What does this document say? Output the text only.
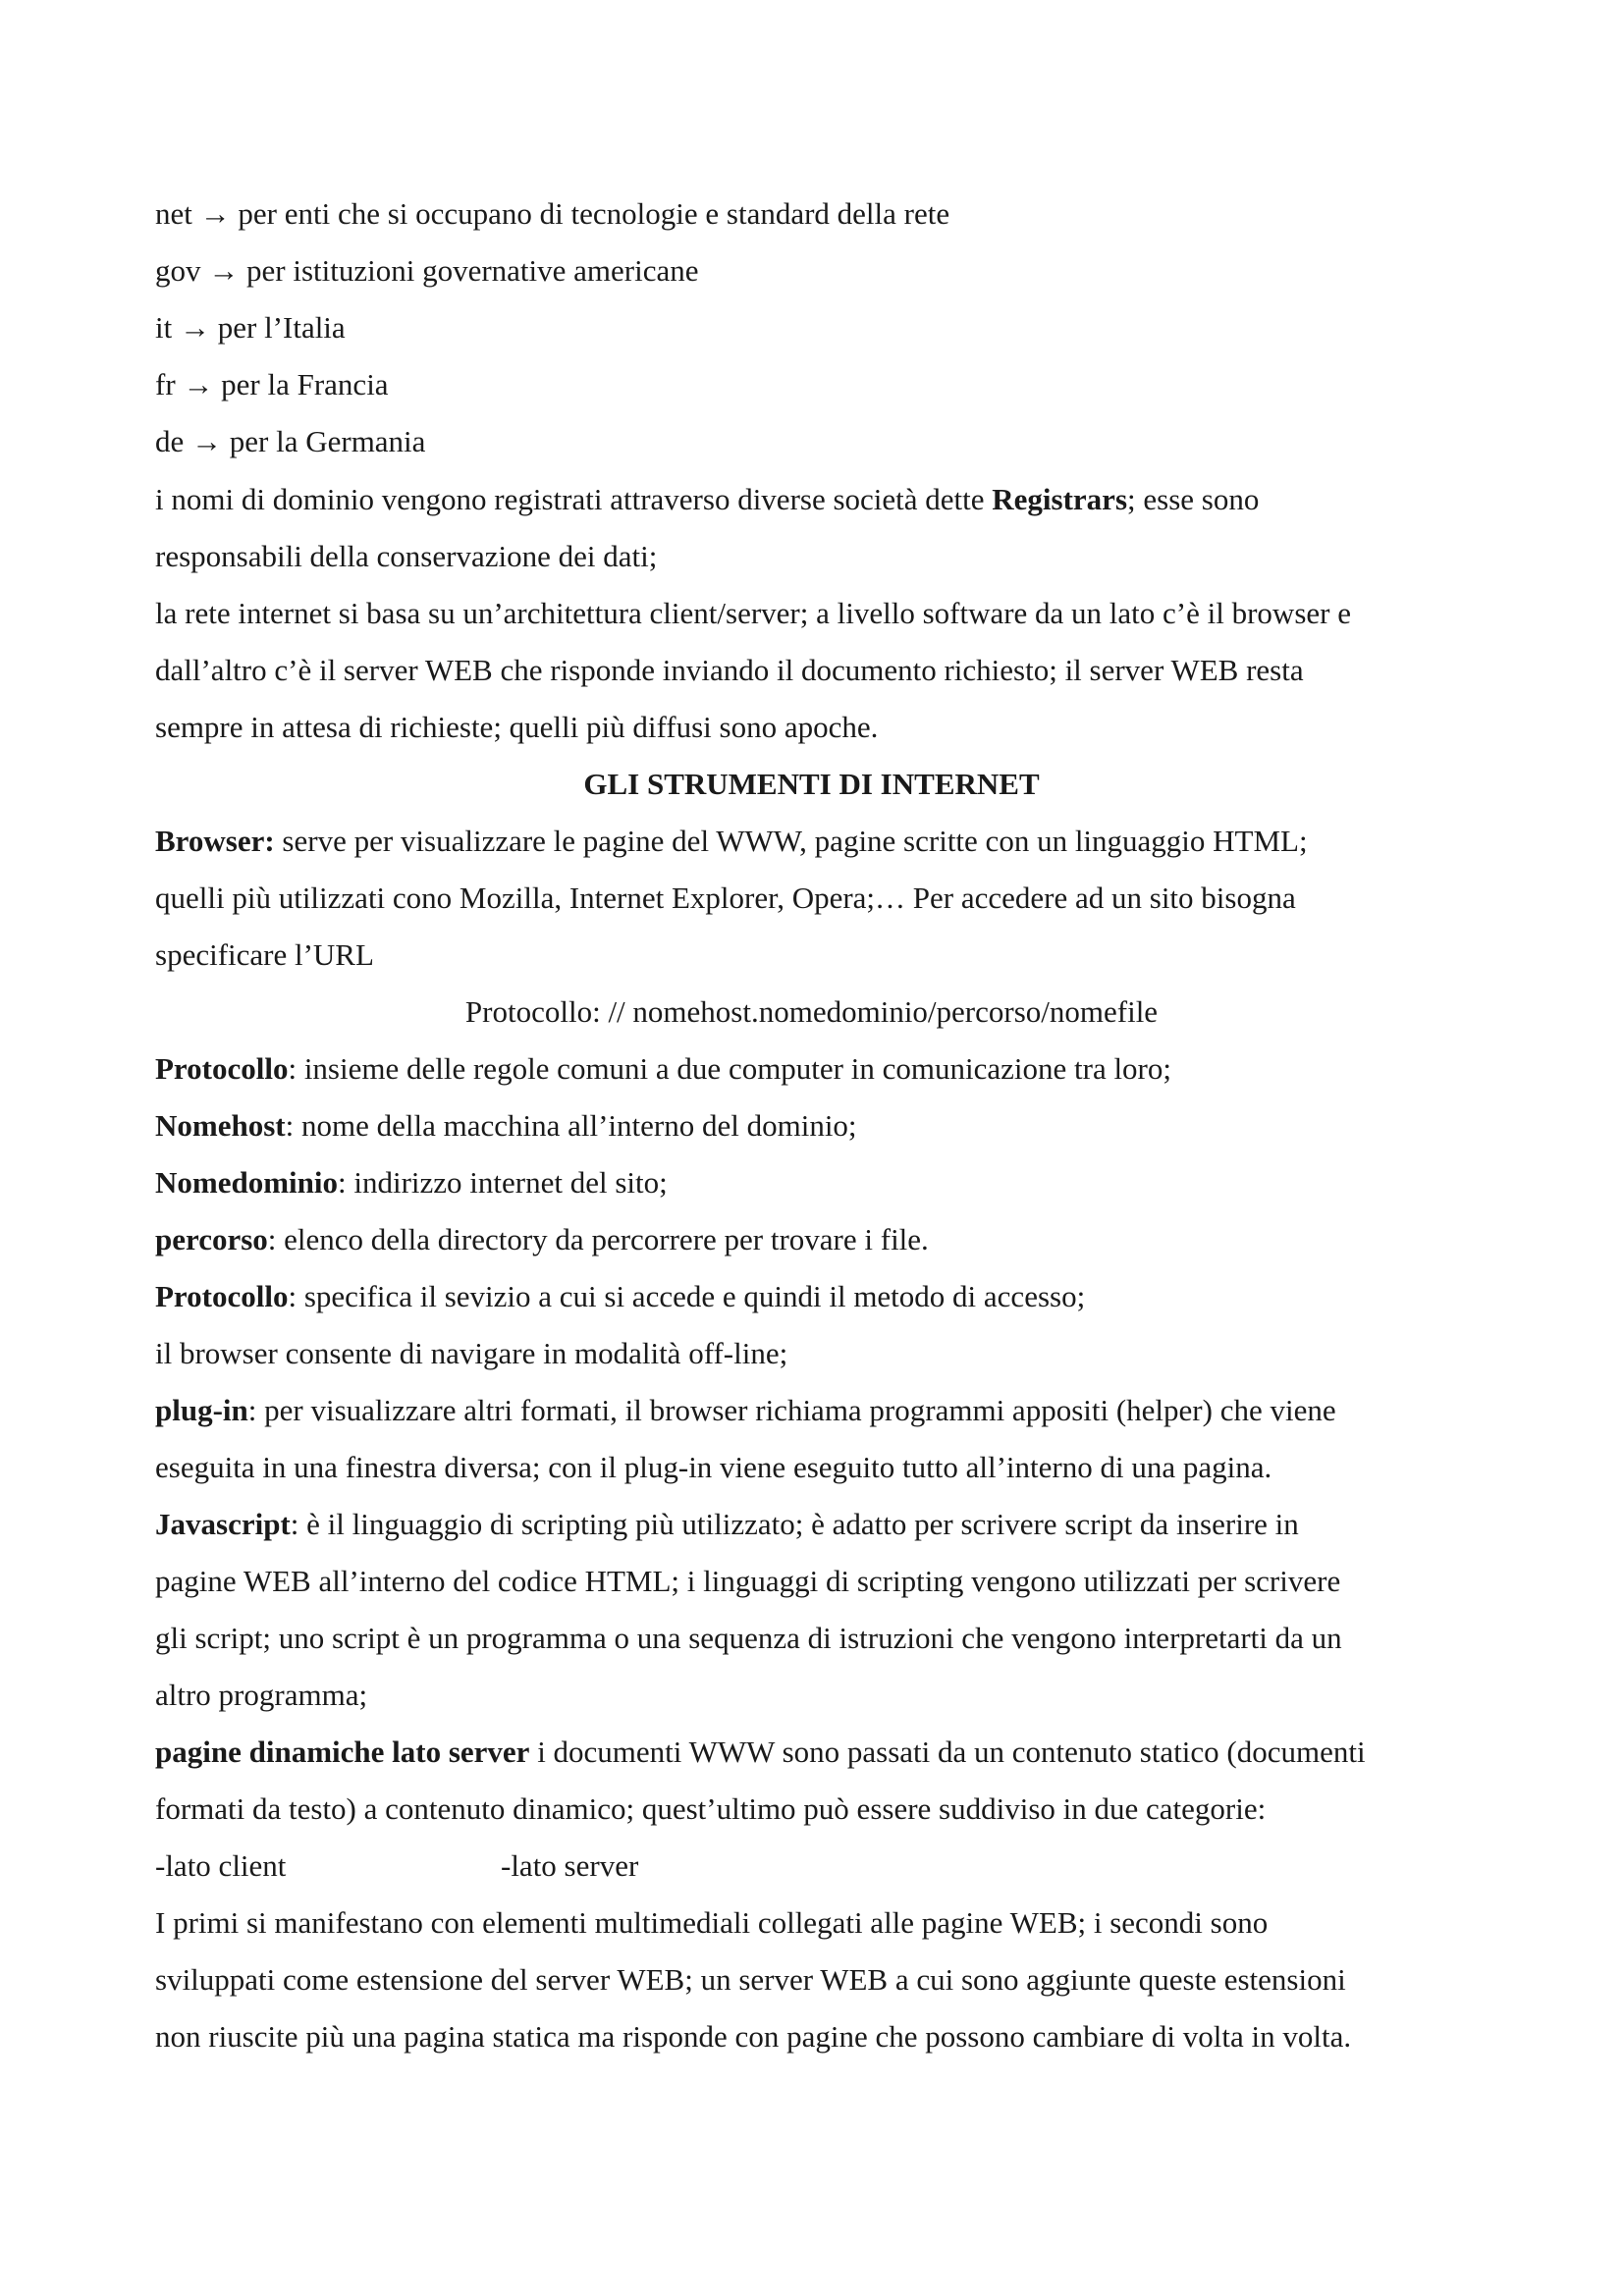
net → per enti che si occupano di tecnologie e standard della rete
gov → per istituzioni governative americane
it → per l’Italia
fr → per la Francia
de → per la Germania
i nomi di dominio vengono registrati attraverso diverse società dette Registrars; esse sono
responsabili della conservazione dei dati;
la rete internet si basa su un’architettura client/server; a livello software da un lato c’è il browser e
dall’altro c’è il server WEB che risponde inviando il documento richiesto; il server WEB resta
sempre in attesa di richieste; quelli più diffusi sono apoche.
GLI STRUMENTI DI INTERNET
Browser: serve per visualizzare le pagine del WWW, pagine scritte con un linguaggio HTML;
quelli più utilizzati cono Mozilla, Internet Explorer, Opera;… Per accedere ad un sito bisogna
specificare l’URL
Protocollo: // nomehost.nomedominio/percorso/nomefile
Protocollo: insieme delle regole comuni a due computer in comunicazione tra loro;
Nomehost: nome della macchina all’interno del dominio;
Nomedominio: indirizzo internet del sito;
percorso: elenco della directory da percorrere per trovare i file.
Protocollo: specifica il sevizio a cui si accede e quindi il metodo di accesso;
il browser consente di navigare in modalità off-line;
plug-in: per visualizzare altri formati, il browser richiama programmi appositi (helper) che viene
eseguita in una finestra diversa; con il plug-in viene eseguito tutto all’interno di una pagina.
Javascript: è il linguaggio di scripting più utilizzato; è adatto per scrivere script da inserire in
pagine WEB all’interno del codice HTML; i linguaggi di scripting vengono utilizzati per scrivere
gli script; uno script è un programma o una sequenza di istruzioni che vengono interpretarti da un
altro programma;
pagine dinamiche lato server i documenti WWW sono passati da un contenuto statico (documenti
formati da testo) a contenuto dinamico; quest’ultimo può essere suddiviso in due categorie:
-lato client	-lato server
I primi si manifestano con elementi multimediali collegati alle pagine WEB; i secondi sono
sviluppati come estensione del server WEB; un server WEB a cui sono aggiunte queste estensioni
non riuscite più una pagina statica ma risponde con pagine che possono cambiare di volta in volta.
